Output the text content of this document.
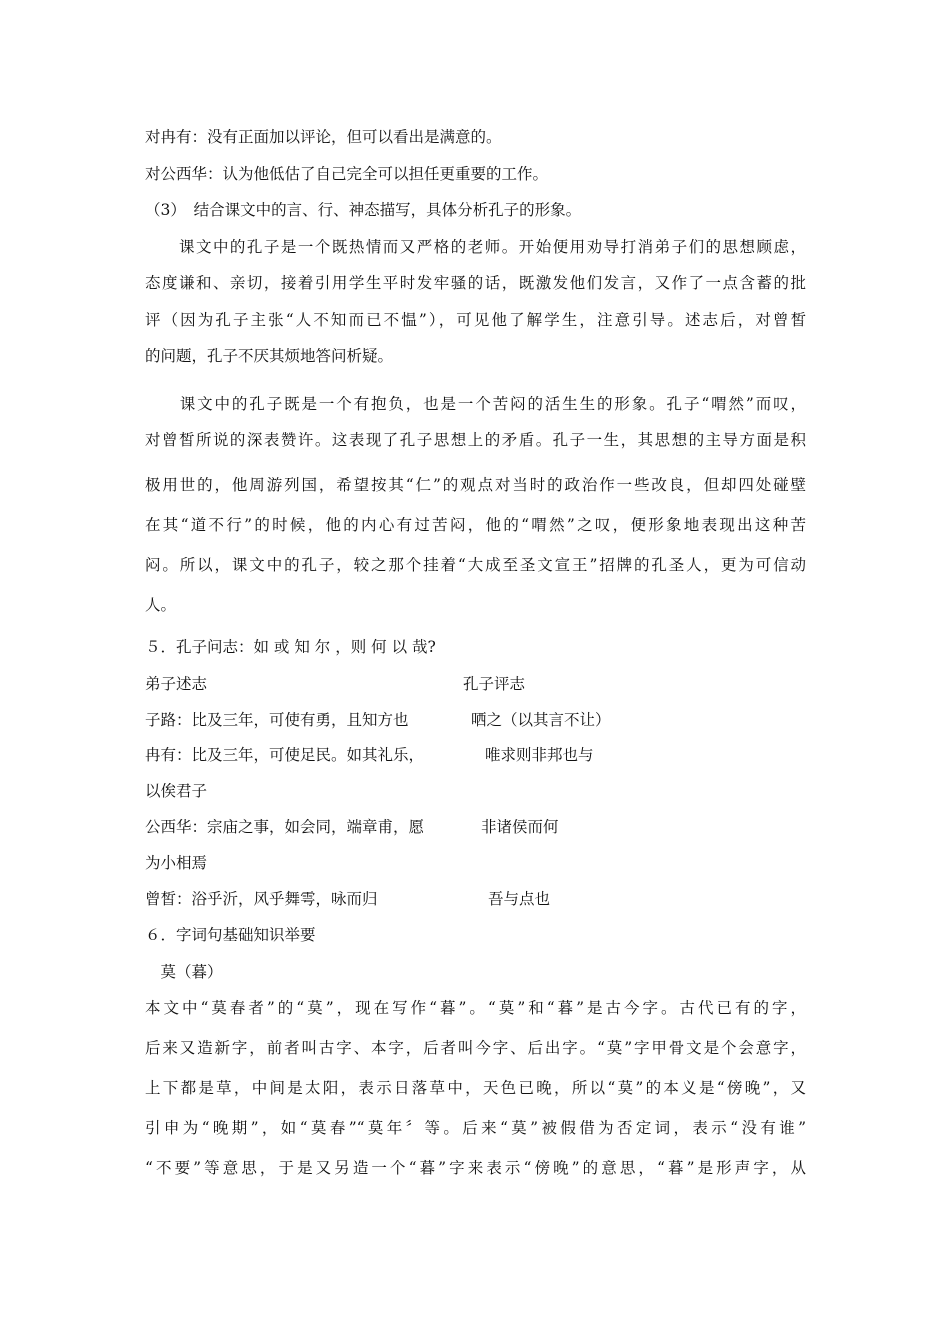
对冉有：没有正面加以评论，但可以看出是满意的。
对公西华：认为他低估了自己完全可以担任更重要的工作。
（3）　结合课文中的言、行、神态描写，具体分析孔子的形象。
　　课文中的孔子是一个既热情而又严格的老师。开始便用劝导打消弟子们的思想顾虑，
态度谦和、亲切，接着引用学生平时发牢骚的话，既激发他们发言，又作了一点含蓄的批
评（因为孔子主张“人不知而已不愠”），可见他了解学生，注意引导。述志后，对曾皙
的问题，孔子不厌其烦地答问析疑。
　　课文中的孔子既是一个有抱负，也是一个苦闷的活生生的形象。孔子“喟然”而叹，
对曾皙所说的深表赞许。这表现了孔子思想上的矛盾。孔子一生，其思想的主导方面是积
极用世的，他周游列国，希望按其“仁”的观点对当时的政治作一些改良，但却四处碰壁
在其“道不行”的时候，他的内心有过苦闷，他的“喟然”之叹，便形象地表现出这种苦
闷。所以，课文中的孔子，较之那个挂着“大成至圣文宣王”招牌的孔圣人，更为可信动
人。
５．孔子问志：如 或 知 尔 ，则 何 以 哉?
弟子述志	孔子评志
子路：比及三年，可使有勇，且知方也	哂之（以其言不让）
冉有：比及三年，可使足民。如其礼乐，	唯求则非邦也与
以俟君子
公西华：宗庙之事，如会同，端章甫，愿	非诸侯而何
为小相焉
曾皙：浴乎沂，风乎舞雩，咏而归	吾与点也
６．字词句基础知识举要
　莫（暮）
本文中“莫春者”的“莫”，现在写作“暮”。“莫”和“暮”是古今字。古代已有的字，
后来又造新字，前者叫古字、本字，后者叫今字、后出字。“莫”字甲骨文是个会意字，
上下都是草，中间是太阳，表示日落草中，天色已晚，所以“莫”的本义是“傍晚”，又
引申为“晚期”，如“莫春”“莫年〞等。后来“莫”被假借为否定词，表示“没有谁”
“不要”等意思，于是又另造一个“暮”字来表示“傍晚”的意思，“暮”是形声字，从
